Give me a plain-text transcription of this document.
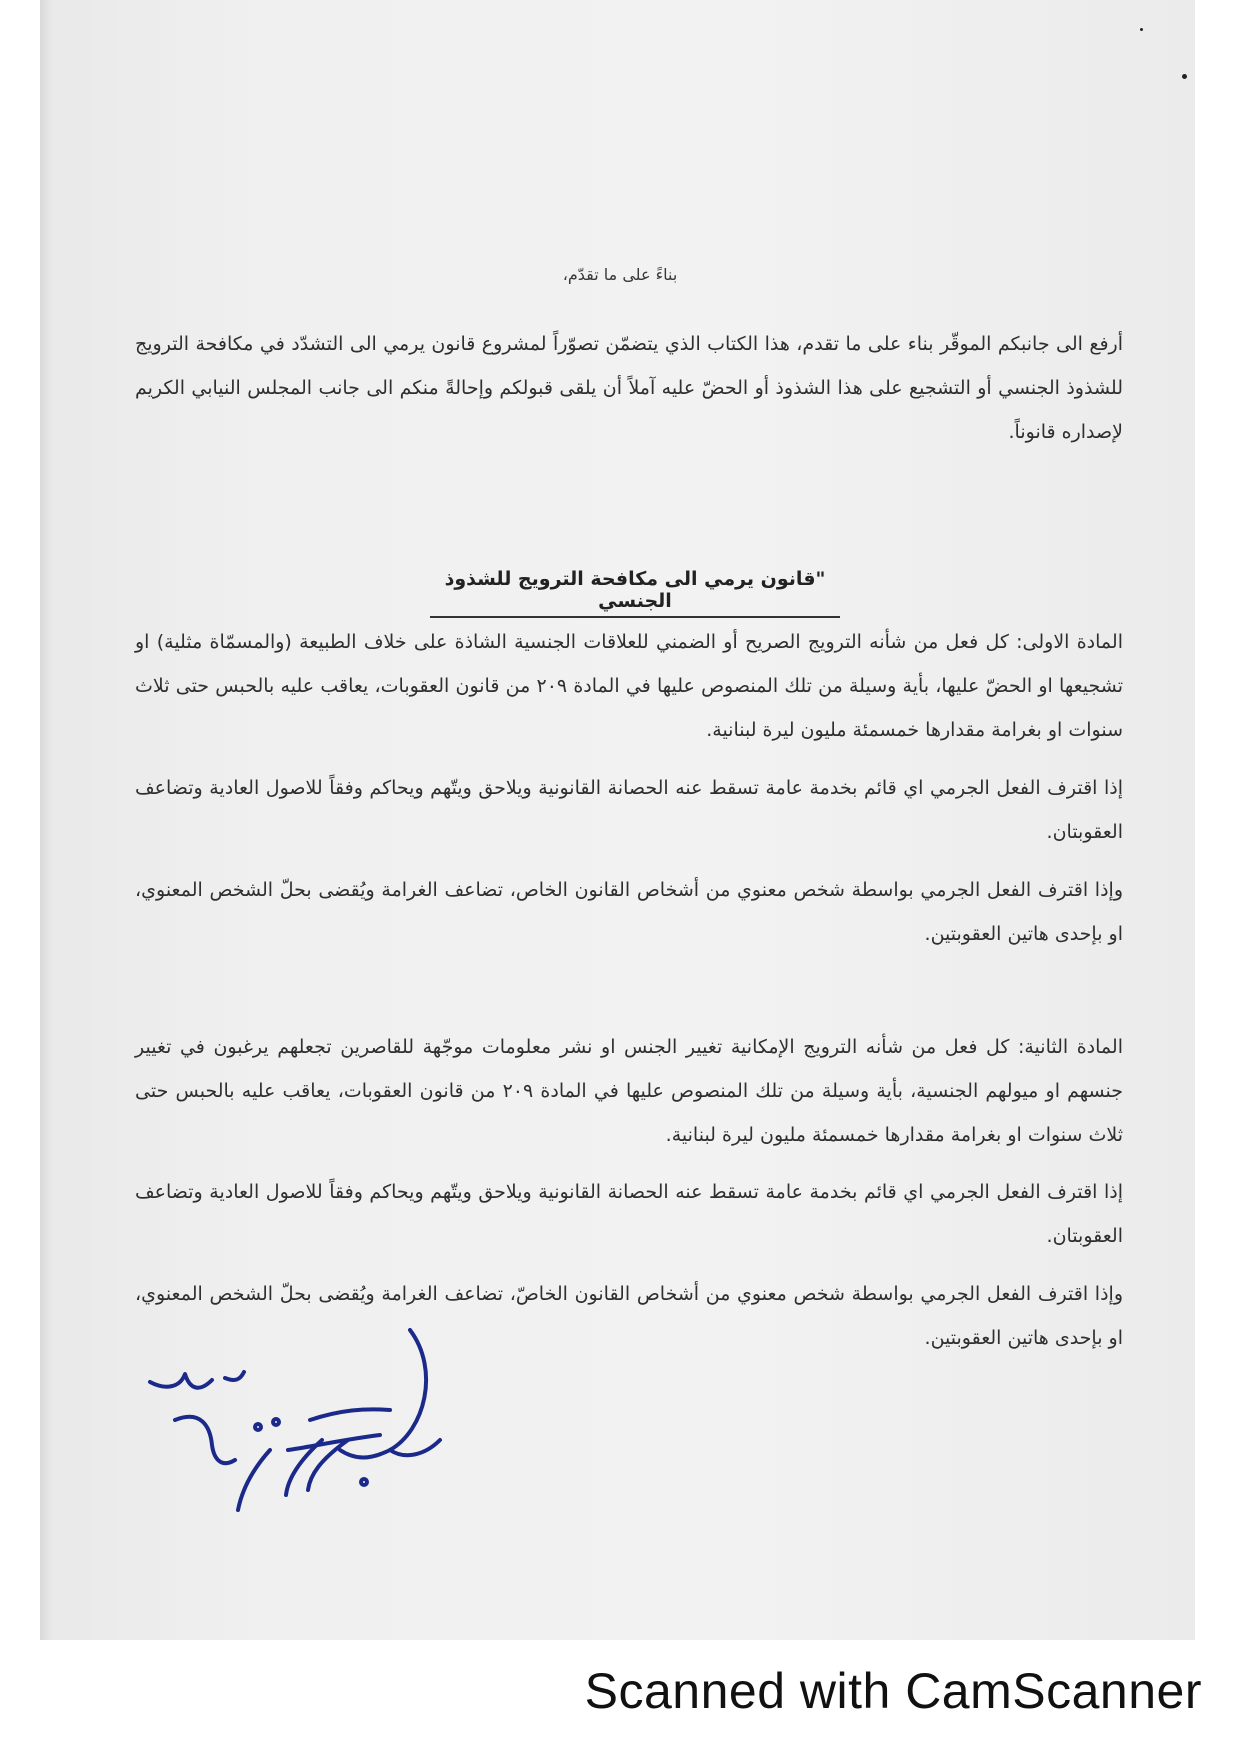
بناءً على ما تقدّم،

أرفع الى جانبكم الموقّر بناء على ما تقدم، هذا الكتاب الذي يتضمّن تصوّراً لمشروع قانون يرمي الى التشدّد في مكافحة الترويج للشذوذ الجنسي أو التشجيع على هذا الشذوذ أو الحضّ عليه آملاً أن يلقى قبولكم وإحالةً منكم الى جانب المجلس النيابي الكريم لإصداره قانوناً.

"قانون يرمي الى مكافحة الترويج للشذوذ الجنسي

المادة الاولى: كل فعل من شأنه الترويج الصريح أو الضمني للعلاقات الجنسية الشاذة على خلاف الطبيعة (والمسمّاة مثلية) او تشجيعها او الحضّ عليها، بأية وسيلة من تلك المنصوص عليها في المادة ٢٠٩ من قانون العقوبات، يعاقب عليه بالحبس حتى ثلاث سنوات او بغرامة مقدارها خمسمئة مليون ليرة لبنانية.

إذا اقترف الفعل الجرمي اي قائم بخدمة عامة تسقط عنه الحصانة القانونية ويلاحق ويتّهم ويحاكم وفقاً للاصول العادية وتضاعف العقوبتان.

وإذا اقترف الفعل الجرمي بواسطة شخص معنوي من أشخاص القانون الخاص، تضاعف الغرامة ويُقضى بحلّ الشخص المعنوي، او بإحدى هاتين العقوبتين.

المادة الثانية: كل فعل من شأنه الترويج الإمكانية تغيير الجنس او نشر معلومات موجّهة للقاصرين تجعلهم يرغبون في تغيير جنسهم او ميولهم الجنسية، بأية وسيلة من تلك المنصوص عليها في المادة ٢٠٩ من قانون العقوبات، يعاقب عليه بالحبس حتى ثلاث سنوات او بغرامة مقدارها خمسمئة مليون ليرة لبنانية.

إذا اقترف الفعل الجرمي اي قائم بخدمة عامة تسقط عنه الحصانة القانونية ويلاحق ويتّهم ويحاكم وفقاً للاصول العادية وتضاعف العقوبتان.

وإذا اقترف الفعل الجرمي بواسطة شخص معنوي من أشخاص القانون الخاصّ، تضاعف الغرامة ويُقضى بحلّ الشخص المعنوي، او بإحدى هاتين العقوبتين.

Scanned with CamScanner
